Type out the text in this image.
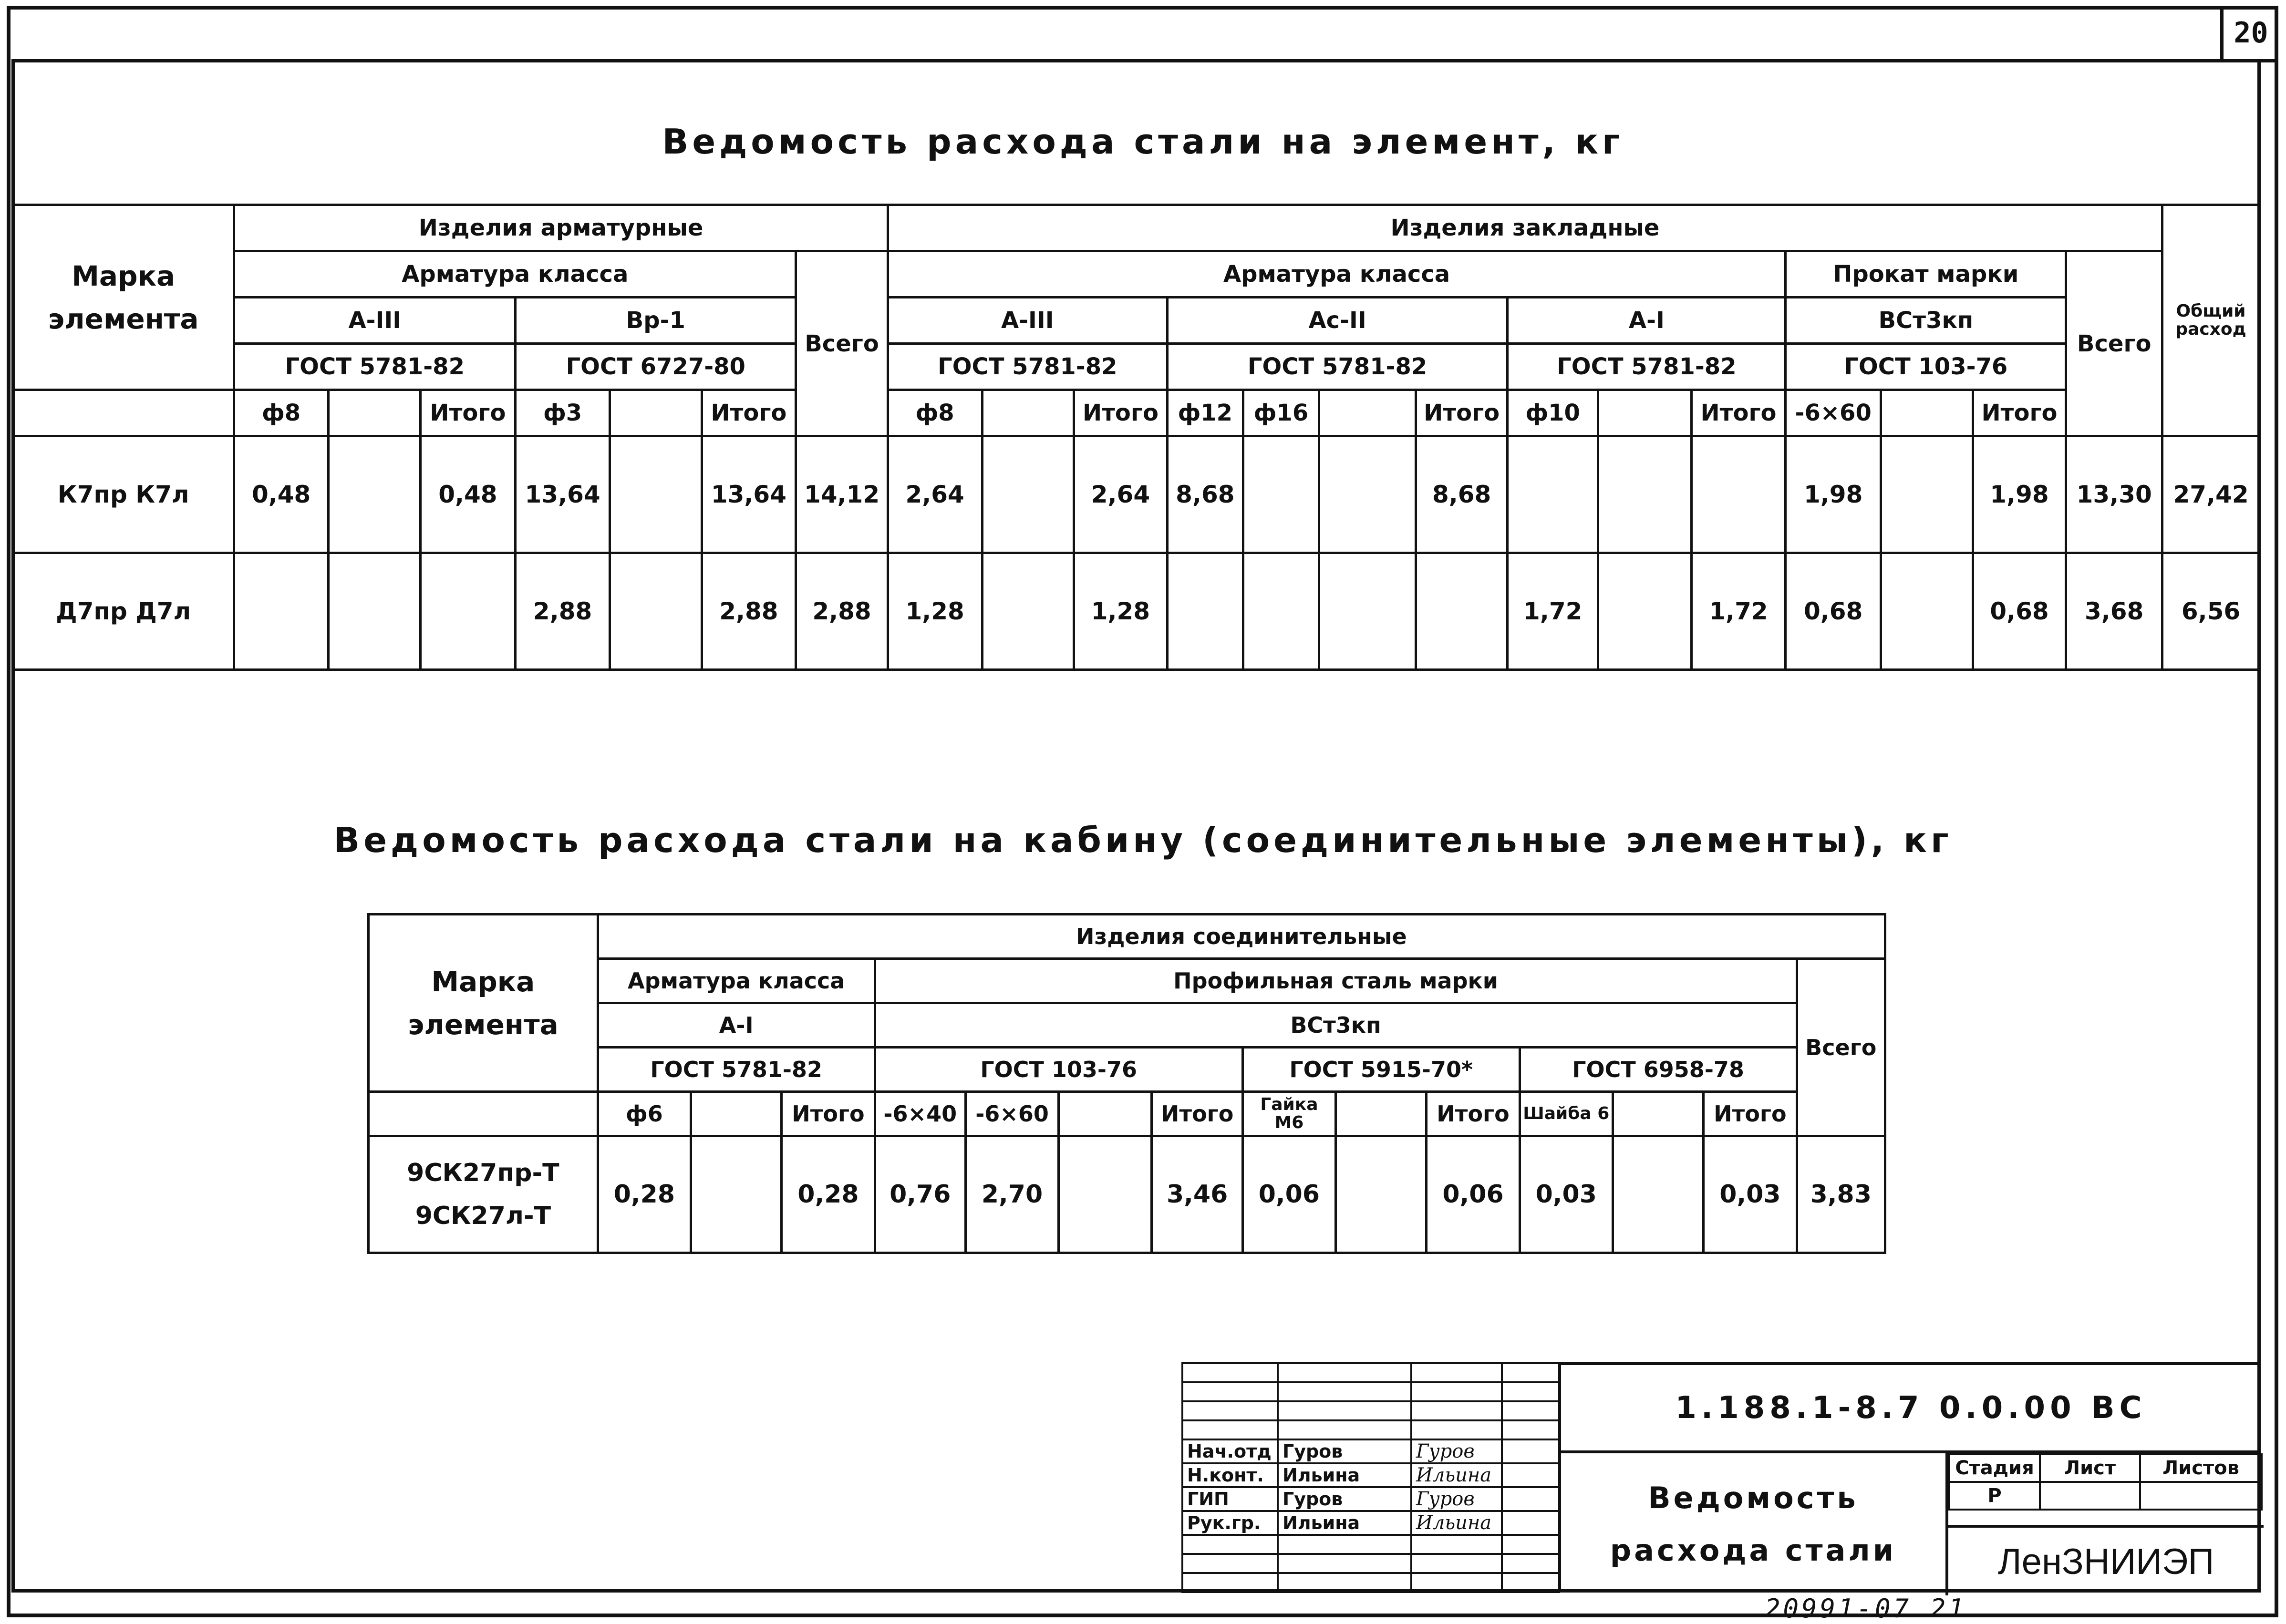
20
Ведомость расхода стали на элемент, кг
Марка элемента	Изделия арматурные							Изделия закладные														Общий расход
	Арматура класса						Всего	Арматура класса										Прокат марки			Всего	
	А-III			Вр-1				А-III			Ас-II				А-I			ВСт3кп				
	ГОСТ 5781-82			ГОСТ 6727-80				ГОСТ 5781-82			ГОСТ 5781-82				ГОСТ 5781-82			ГОСТ 103-76				
	ф8		Итого	ф3		Итого		ф8		Итого	ф12	ф16		Итого	ф10		Итого	-6×60		Итого		
К7пр К7л	0,48		0,48	13,64		13,64	14,12	2,64		2,64	8,68			8,68				1,98		1,98	13,30	27,42
Д7пр Д7л				2,88		2,88	2,88	1,28		1,28					1,72		1,72	0,68		0,68	3,68	6,56
Ведомость расхода стали на кабину (соединительные элементы), кг
Марка элемента	Изделия соединительные													
	Арматура класса			Профильная сталь марки										Всего
	А-I			ВСт3кп										
	ГОСТ 5781-82			ГОСТ 103-76				ГОСТ 5915-70*			ГОСТ 6958-78			
	ф6		Итого	-6×40	-6×60		Итого	Гайка М6		Итого	Шайба 6		Итого	
9СК27пр-Т 9СК27л-Т	0,28		0,28	0,76	2,70		3,46	0,06		0,06	0,03		0,03	3,83

Нач.отд	Гуров	Гуров	
Н.конт.	Ильина	Ильина	
ГИП	Гуров	Гуров	
Рук.гр.	Ильина	Ильина	

1.188.1-8.7 0.0.00 ВС
Ведомость расхода стали
Стадия	Лист	Листов
Р		
ЛенЗНИИЭП
20991-07 21
